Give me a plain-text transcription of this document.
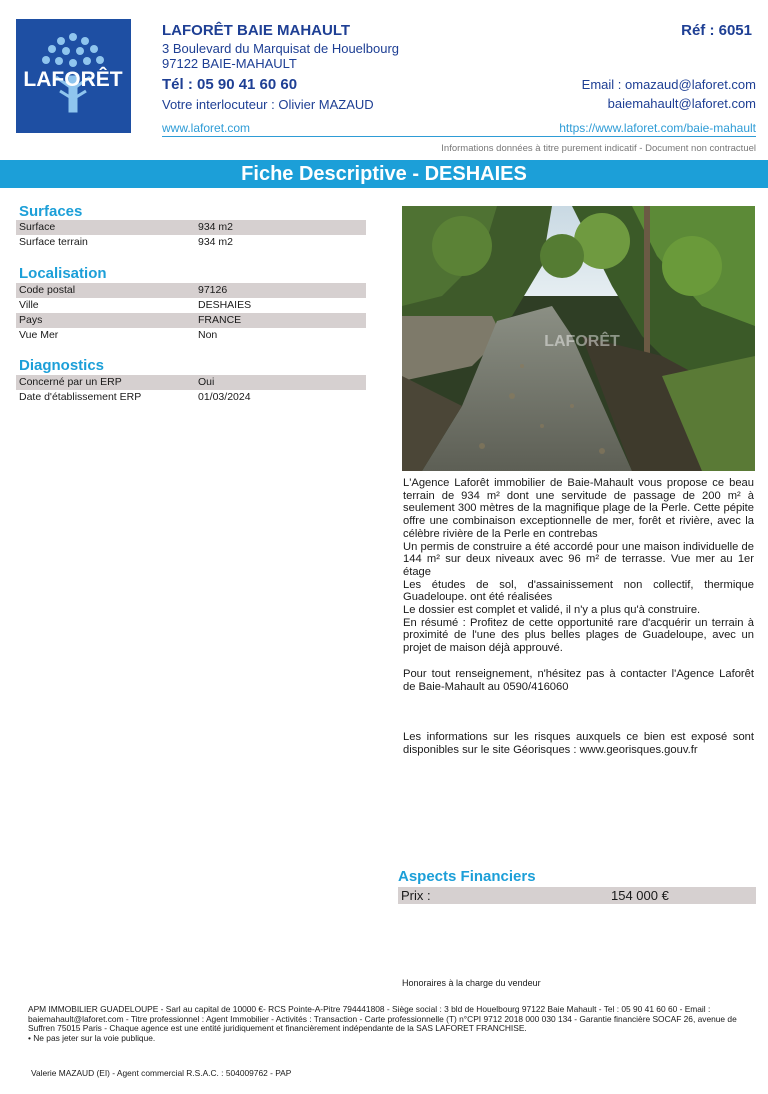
LAFORÊT
LAFORÊT BAIE MAHAULT	Réf : 6051
3 Boulevard du Marquisat de Houelbourg
97122 BAIE-MAHAULT
Tél : 05 90 41 60 60
Votre interlocuteur : Olivier MAZAUD
Email : omazaud@laforet.com
baiemahault@laforet.com
www.laforet.com	https://www.laforet.com/baie-mahault
Informations données à titre purement indicatif - Document non contractuel
Fiche Descriptive - DESHAIES
Surfaces
Surface	934 m2
Surface terrain	934 m2
Localisation
Code postal	97126
Ville	DESHAIES
Pays	FRANCE
Vue Mer	Non
Diagnostics
Concerné par un ERP	Oui
Date d'établissement ERP	01/03/2024
LAFORÊT

L'Agence Laforêt immobilier de Baie-Mahault vous propose ce beau terrain de 934 m² dont une servitude de passage de 200 m² à seulement 300 mètres de la magnifique plage de la Perle. Cette pépite offre une combinaison exceptionnelle de mer, forêt et rivière, avec la célèbre rivière de la Perle en contrebas

Un permis de construire a été accordé pour une maison individuelle de 144 m² sur deux niveaux avec 96 m² de terrasse. Vue mer au 1er étage

Les études de sol, d'assainissement non collectif, thermique Guadeloupe. ont été réalisées

Le dossier est complet et validé, il n'y a plus qu'à construire.

En résumé : Profitez de cette opportunité rare d'acquérir un terrain à proximité de l'une des plus belles plages de Guadeloupe, avec un projet de maison déjà approuvé.

Pour tout renseignement, n'hésitez pas à contacter l'Agence Laforêt de Baie-Mahault au 0590/416060

Les informations sur les risques auxquels ce bien est exposé sont disponibles sur le site Géorisques : www.georisques.gouv.fr

Aspects Financiers
Prix :	154 000 €
Honoraires à la charge du vendeur
APM IMMOBILIER GUADELOUPE - Sarl au capital de 10000 €- RCS Pointe-A-Pitre 794441808 - Siège social : 3 bld de Houelbourg 97122 Baie Mahault - Tel : 05 90 41 60 60 - Email : baiemahault@laforet.com - Titre professionnel : Agent Immobilier - Activités : Transaction - Carte professionnelle (T) n°CPI 9712 2018 000 030 134 - Garantie financière SOCAF 26, avenue de Suffren 75015 Paris - Chaque agence est une entité juridiquement et financièrement indépendante de la SAS LAFORET FRANCHISE.
• Ne pas jeter sur la voie publique.
Valerie MAZAUD (EI) - Agent commercial R.S.A.C. : 504009762 - PAP
